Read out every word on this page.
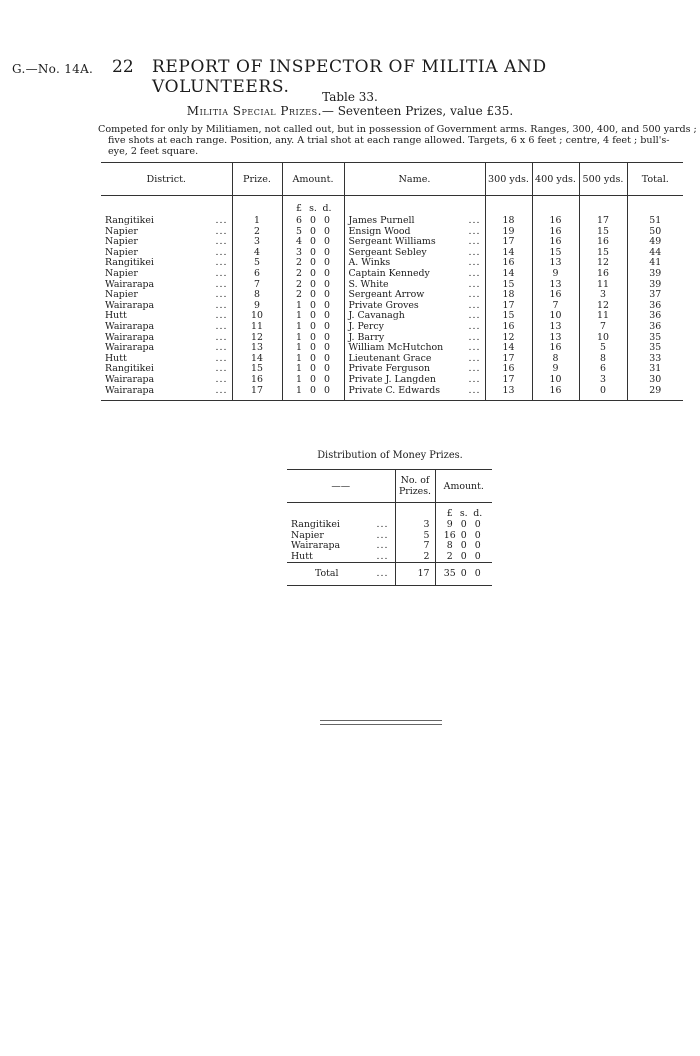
G.—No. 14A. 22 REPORT OF INSPECTOR OF MILITIA AND VOLUNTEERS.	Table 33.
Militia Special Prizes.— Seventeen Prizes, value £35.
Competed for only by Militiamen, not called out, but in possession of Government arms. Ranges, 300, 400, and 500 yards ;
five shots at each range. Position, any. A trial shot at each range allowed. Targets, 6 x 6 feet ; centre, 4 feet ; bull's-
eye, 2 feet square.
District.	Prize.	Amount.	Name.	300 yds.	400 yds.	500 yds.	Total.

		£ s. d.					
Rangitikei ...	1	6 0 0	James Purnell ...	18	16	17	51
Napier ...	2	5 0 0	Ensign Wood ...	19	16	15	50
Napier ...	3	4 0 0	Sergeant Williams ...	17	16	16	49
Napier ...	4	3 0 0	Sergeant Sebley ...	14	15	15	44
Rangitikei ...	5	2 0 0	A. Winks ...	16	13	12	41
Napier ...	6	2 0 0	Captain Kennedy ...	14	9	16	39
Wairarapa ...	7	2 0 0	S. White ...	15	13	11	39
Napier ...	8	2 0 0	Sergeant Arrow ...	18	16	3	37
Wairarapa ...	9	1 0 0	Private Groves ...	17	7	12	36
Hutt ...	10	1 0 0	J. Cavanagh ...	15	10	11	36
Wairarapa ...	11	1 0 0	J. Percy ...	16	13	7	36
Wairarapa ...	12	1 0 0	J. Barry ...	12	13	10	35
Wairarapa ...	13	1 0 0	William McHutchon ...	14	16	5	35
Hutt ...	14	1 0 0	Lieutenant Grace ...	17	8	8	33
Rangitikei ...	15	1 0 0	Private Ferguson ...	16	9	6	31
Wairarapa ...	16	1 0 0	Private J. Langden ...	17	10	3	30
Wairarapa ...	17	1 0 0	Private C. Edwards ...	13	16	0	29
Distribution of Money Prizes.
——	No. of
Prizes.	Amount.

		£ s. d.
Rangitikei ...	3	9 0 0
Napier ...	5	16 0 0
Wairarapa ...	7	8 0 0
Hutt ...	2	2 0 0
Total ...	17	35 0 0
